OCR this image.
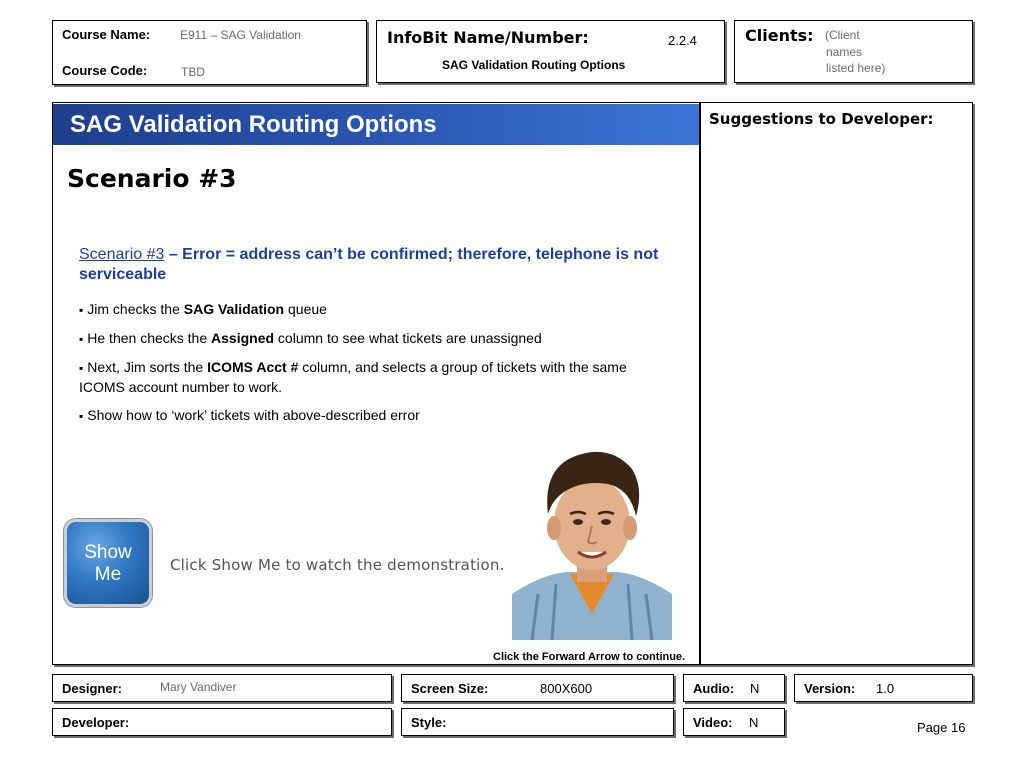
Course Name: E911 – SAG Validation
Course Code:	TBD
InfoBit Name/Number:	2.2.4
SAG Validation Routing Options
Clients: (Client
names
listed here)
SAG Validation Routing Options
Scenario #3
Scenario #3 – Error = address can’t be confirmed; therefore, telephone is not serviceable
▪ Jim checks the SAG Validation queue
▪ He then checks the Assigned column to see what tickets are unassigned
▪ Next, Jim sorts the ICOMS Acct # column, and selects a group of tickets with the same ICOMS account number to work.
▪ Show how to ‘work’ tickets with above-described error
Show
Me	Click Show Me to watch the demonstration.
Click the Forward Arrow to continue.
Suggestions to Developer:
Designer:	Mary Vandiver	Screen Size:	800X600	Audio: N	Version: 1.0
Developer:	Style:	Video: N	Page 16
